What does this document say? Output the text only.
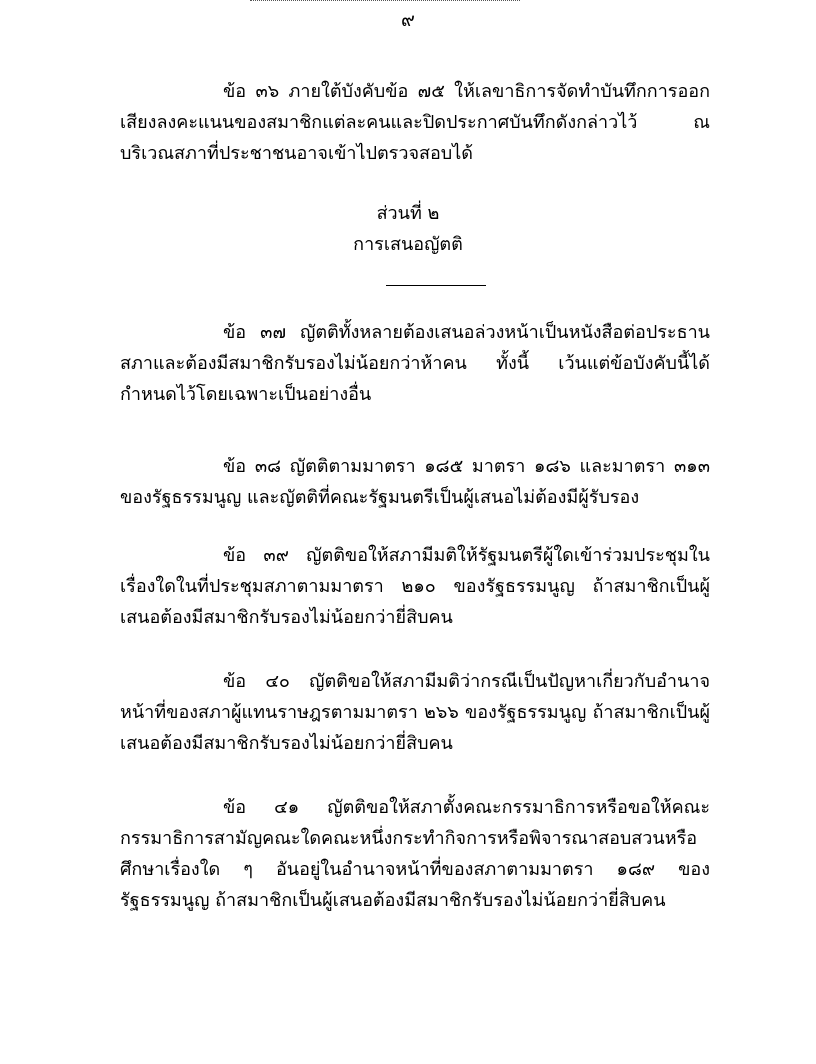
๙

ข้อ ๓๖ ภายใต้บังคับข้อ ๗๕ ให้เลขาธิการจัดทำบันทึกการออกเสียงลงคะแนนของสมาชิกแต่ละคนและปิดประกาศบันทึกดังกล่าวไว้ ณ บริเวณสภาที่ประชาชนอาจเข้าไปตรวจสอบได้

ส่วนที่ ๒

การเสนอญัตติ

ข้อ ๓๗ ญัตติทั้งหลายต้องเสนอล่วงหน้าเป็นหนังสือต่อประธานสภาและต้องมีสมาชิกรับรองไม่น้อยกว่าห้าคน ทั้งนี้ เว้นแต่ข้อบังคับนี้ได้กำหนดไว้โดยเฉพาะเป็นอย่างอื่น

ข้อ ๓๘ ญัตติตามมาตรา ๑๘๕ มาตรา ๑๘๖ และมาตรา ๓๑๓ ของรัฐธรรมนูญ และญัตติที่คณะรัฐมนตรีเป็นผู้เสนอไม่ต้องมีผู้รับรอง

ข้อ ๓๙ ญัตติขอให้สภามีมติให้รัฐมนตรีผู้ใดเข้าร่วมประชุมในเรื่องใดในที่ประชุมสภาตามมาตรา ๒๑๐ ของรัฐธรรมนูญ ถ้าสมาชิกเป็นผู้เสนอต้องมีสมาชิกรับรองไม่น้อยกว่ายี่สิบคน

ข้อ ๔๐ ญัตติขอให้สภามีมติว่ากรณีเป็นปัญหาเกี่ยวกับอำนาจหน้าที่ของสภาผู้แทนราษฎรตามมาตรา ๒๖๖ ของรัฐธรรมนูญ ถ้าสมาชิกเป็นผู้เสนอต้องมีสมาชิกรับรองไม่น้อยกว่ายี่สิบคน

ข้อ ๔๑ ญัตติขอให้สภาตั้งคณะกรรมาธิการหรือขอให้คณะกรรมาธิการสามัญคณะใดคณะหนึ่งกระทำกิจการหรือพิจารณาสอบสวนหรือศึกษาเรื่องใด ๆ อันอยู่ในอำนาจหน้าที่ของสภาตามมาตรา ๑๘๙ ของรัฐธรรมนูญ ถ้าสมาชิกเป็นผู้เสนอต้องมีสมาชิกรับรองไม่น้อยกว่ายี่สิบคน
